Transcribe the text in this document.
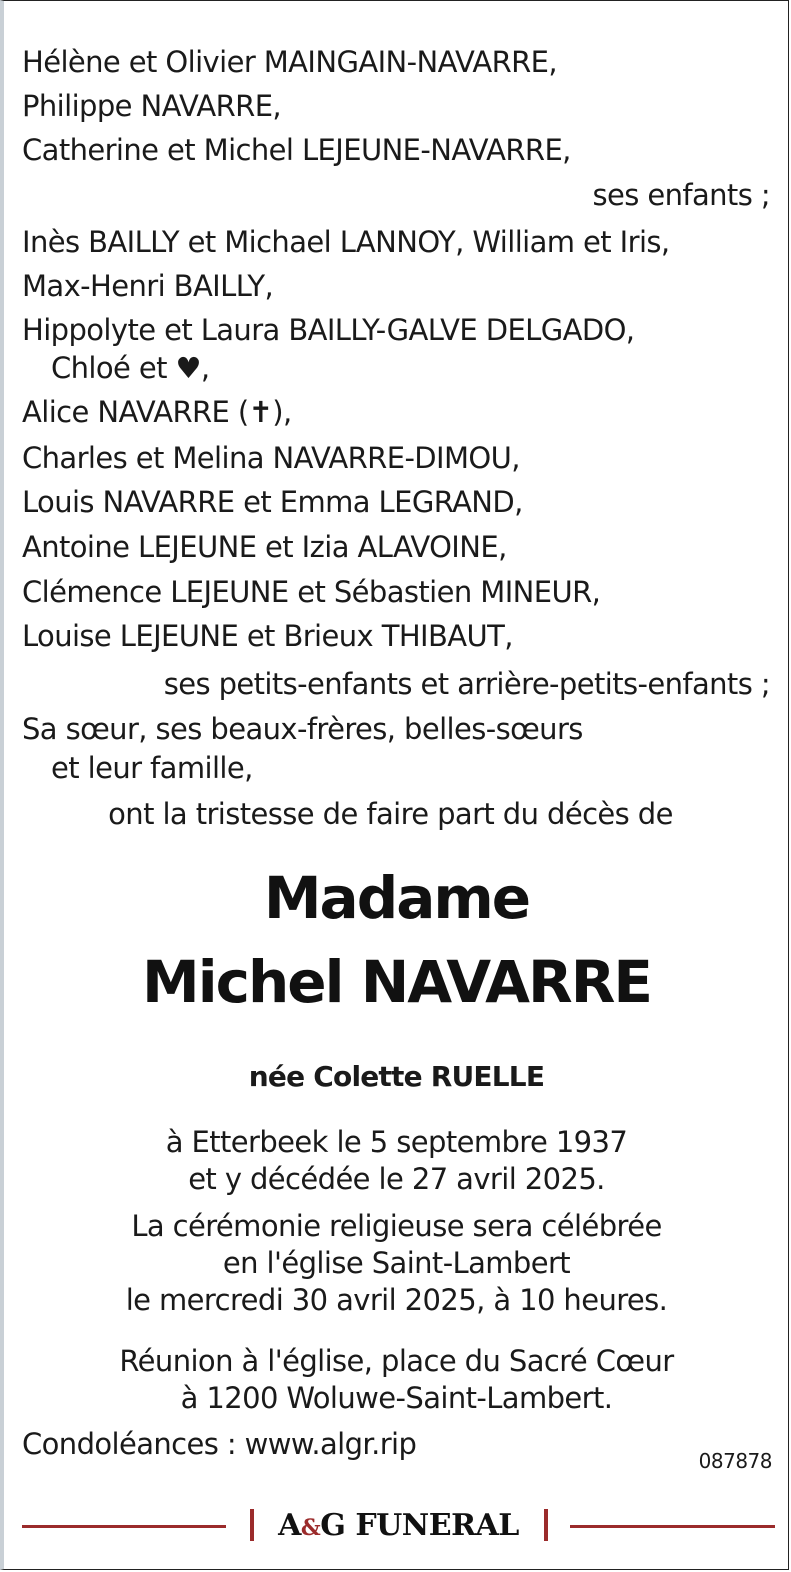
Hélène et Olivier MAINGAIN-NAVARRE,
Philippe NAVARRE,
Catherine et Michel LEJEUNE-NAVARRE,
ses enfants ;
Inès BAILLY et Michael LANNOY, William et Iris,
Max-Henri BAILLY,
Hippolyte et Laura BAILLY-GALVE DELGADO,
Chloé et ♥,
Alice NAVARRE (✝),
Charles et Melina NAVARRE-DIMOU,
Louis NAVARRE et Emma LEGRAND,
Antoine LEJEUNE et Izia ALAVOINE,
Clémence LEJEUNE et Sébastien MINEUR,
Louise LEJEUNE et Brieux THIBAUT,
ses petits-enfants et arrière-petits-enfants ;
Sa sœur, ses beaux-frères, belles-sœurs
et leur famille,
ont la tristesse de faire part du décès de
Madame
Michel NAVARRE
née Colette RUELLE
à Etterbeek le 5 septembre 1937
et y décédée le 27 avril 2025.
La cérémonie religieuse sera célébrée
en l'église Saint-Lambert
le mercredi 30 avril 2025, à 10 heures.
Réunion à l'église, place du Sacré Cœur
à 1200 Woluwe-Saint-Lambert.
Condoléances : www.algr.rip	087878
A&G FUNERAL
